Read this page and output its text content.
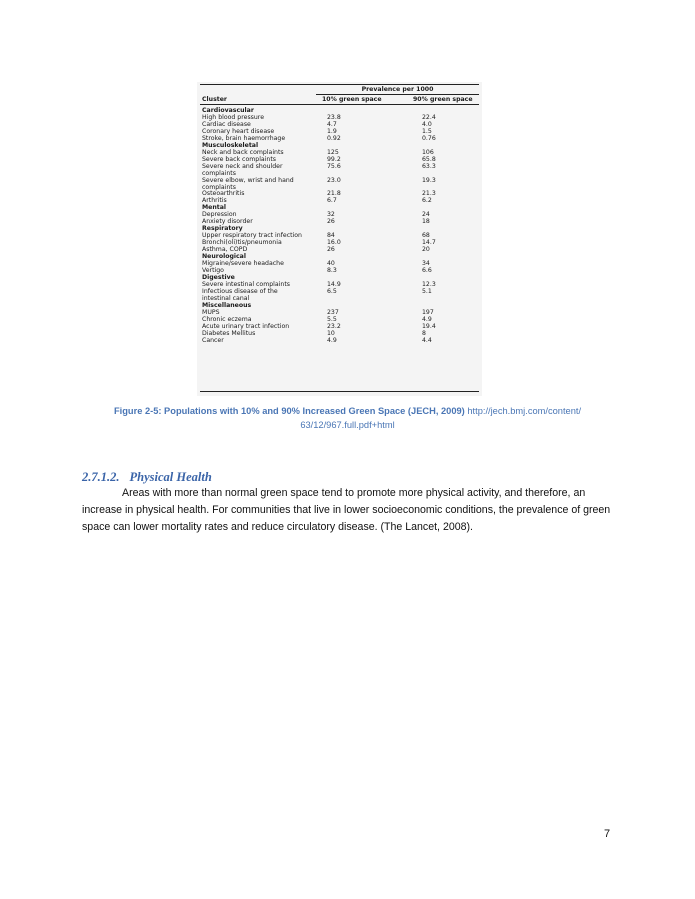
Prevalence per 1000
Cluster	10% green space	90% green space
Cardiovascular
High blood pressure	23.8	22.4
Cardiac disease	4.7	4.0
Coronary heart disease	1.9	1.5
Stroke, brain haemorrhage	0.92	0.76
Musculoskeletal
Neck and back complaints	125	106
Severe back complaints	99.2	65.8
Severe neck and shoulder
complaints
75.6	63.3
Severe elbow, wrist and hand
complaints
23.0	19.3
Osteoarthritis	21.8	21.3
Arthritis	6.7	6.2
Mental
Depression	32	24
Anxiety disorder	26	18
Respiratory
Upper respiratory tract infection	84	68
Bronchi(oli)tis/pneumonia	16.0	14.7
Asthma, COPD	26	20
Neurological
Migraine/severe headache	40	34
Vertigo	8.3	6.6
Digestive
Severe intestinal complaints	14.9	12.3
Infectious disease of the
intestinal canal
6.5	5.1
Miscellaneous
MUPS	237	197
Chronic eczema	5.5	4.9
Acute urinary tract infection	23.2	19.4
Diabetes Mellitus	10	8
Cancer	4.9	4.4
Figure 2-5: Populations with 10% and 90% Increased Green Space (JECH, 2009) http://jech.bmj.com/content/
63/12/967.full.pdf+html
2.7.1.2. Physical Health
Areas with more than normal green space tend to promote more physical activity, and therefore, an increase in physical health. For communities that live in lower socioeconomic conditions, the prevalence of green space can lower mortality rates and reduce circulatory disease. (The Lancet, 2008).
7
